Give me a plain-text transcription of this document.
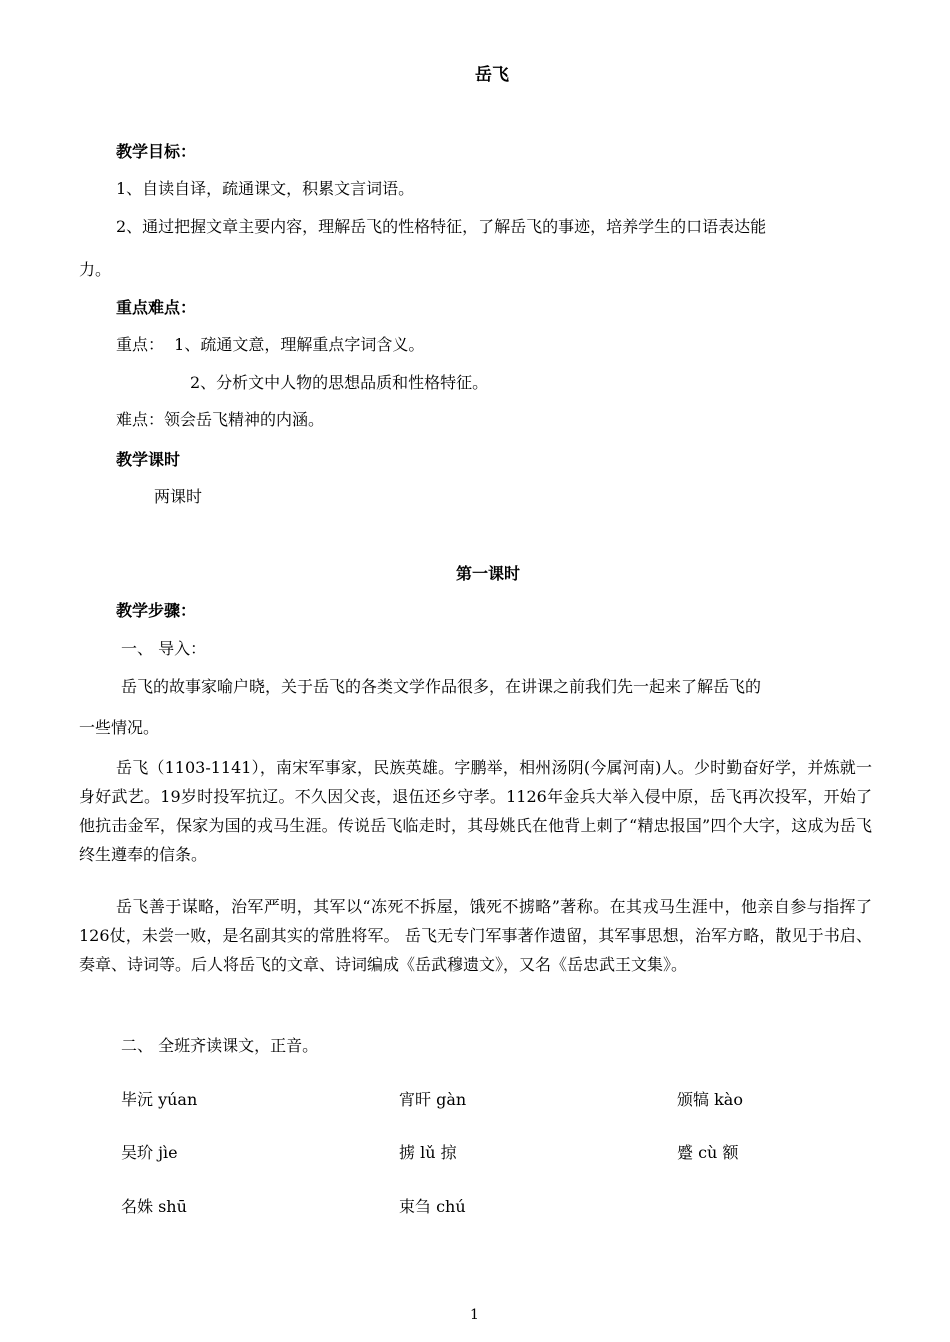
岳飞
教学目标：
1、自读自译，疏通课文，积累文言词语。
2、通过把握文章主要内容，理解岳飞的性格特征，了解岳飞的事迹，培养学生的口语表达能
力。
重点难点：
重点：  1、疏通文意，理解重点字词含义。
2、分析文中人物的思想品质和性格特征。
难点：领会岳飞精神的内涵。
教学课时
两课时
第一课时
教学步骤：
一、 导入：
岳飞的故事家喻户晓，关于岳飞的各类文学作品很多，在讲课之前我们先一起来了解岳飞的
一些情况。
岳飞（1103-1141），南宋军事家，民族英雄。字鹏举，相州汤阴(今属河南)人。少时勤奋好学，并炼就一身好武艺。19岁时投军抗辽。不久因父丧，退伍还乡守孝。1126年金兵大举入侵中原，岳飞再次投军，开始了他抗击金军，保家为国的戎马生涯。传说岳飞临走时，其母姚氏在他背上刺了“精忠报国”四个大字，这成为岳飞终生遵奉的信条。
岳飞善于谋略，治军严明，其军以“冻死不拆屋，饿死不掳略”著称。在其戎马生涯中，他亲自参与指挥了126仗，未尝一败，是名副其实的常胜将军。 岳飞无专门军事著作遗留，其军事思想，治军方略，散见于书启、奏章、诗词等。后人将岳飞的文章、诗词编成《岳武穆遗文》，又名《岳忠武王文集》。
二、 全班齐读课文，正音。
毕沅 yúan	宵旰 gàn	颁犒 kào
吴玠 jìe	掳 lǔ 掠	蹙 cù 额
名姝 shū	束刍 chú
1
